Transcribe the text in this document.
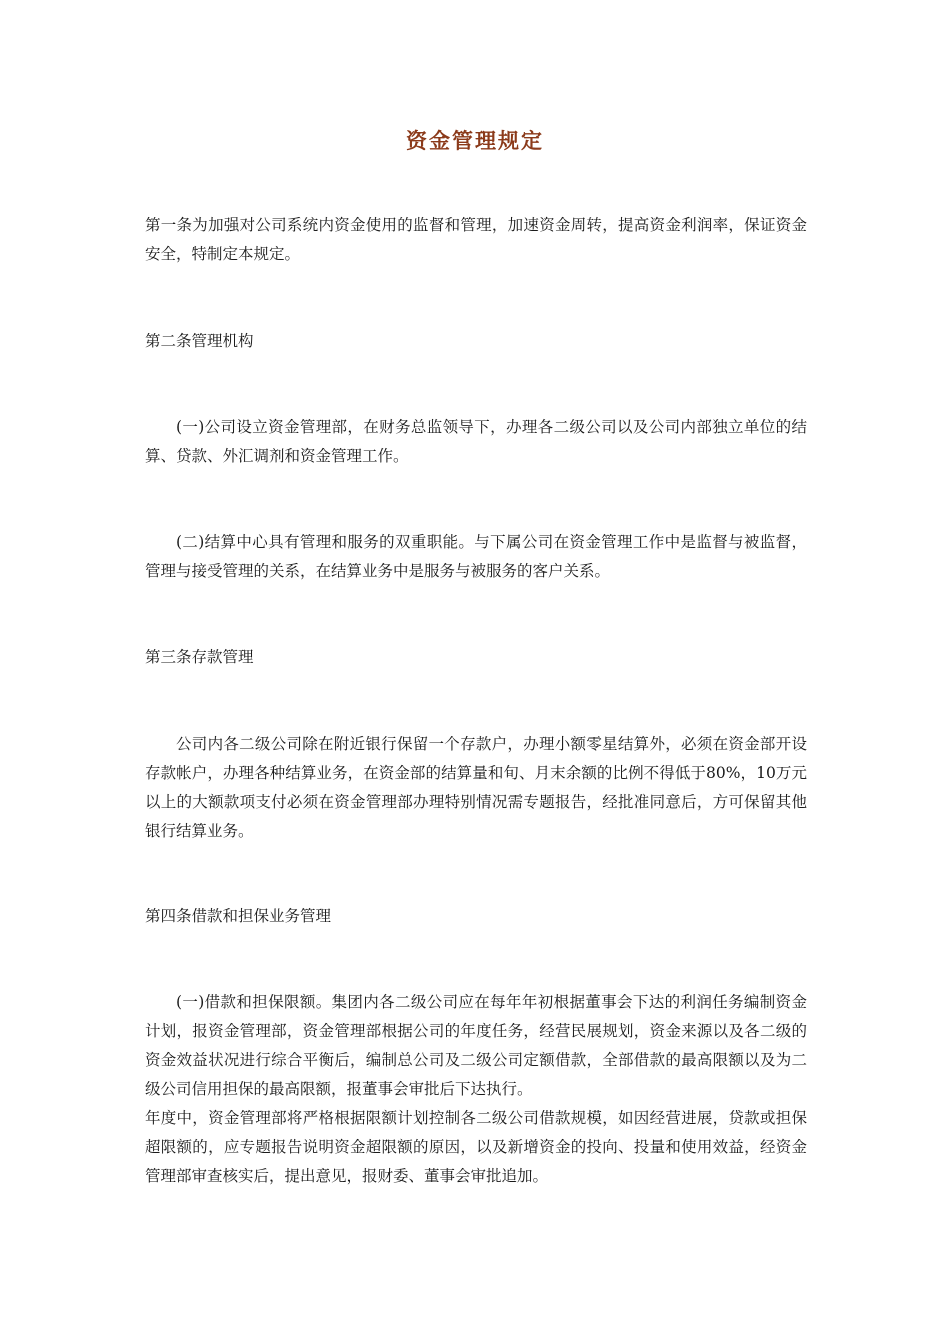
资金管理规定

第一条为加强对公司系统内资金使用的监督和管理，加速资金周转，提高资金利润率，保证资金安全，特制定本规定。

第二条管理机构

(一)公司设立资金管理部，在财务总监领导下，办理各二级公司以及公司内部独立单位的结算、贷款、外汇调剂和资金管理工作。

(二)结算中心具有管理和服务的双重职能。与下属公司在资金管理工作中是监督与被监督，管理与接受管理的关系，在结算业务中是服务与被服务的客户关系。

第三条存款管理

公司内各二级公司除在附近银行保留一个存款户，办理小额零星结算外，必须在资金部开设存款帐户，办理各种结算业务，在资金部的结算量和旬、月末余额的比例不得低于80%，10万元以上的大额款项支付必须在资金管理部办理特别情况需专题报告，经批准同意后，方可保留其他银行结算业务。

第四条借款和担保业务管理

(一)借款和担保限额。集团内各二级公司应在每年年初根据董事会下达的利润任务编制资金计划，报资金管理部，资金管理部根据公司的年度任务，经营民展规划，资金来源以及各二级的资金效益状况进行综合平衡后，编制总公司及二级公司定额借款，全部借款的最高限额以及为二级公司信用担保的最高限额，报董事会审批后下达执行。

年度中，资金管理部将严格根据限额计划控制各二级公司借款规模，如因经营进展，贷款或担保超限额的，应专题报告说明资金超限额的原因，以及新增资金的投向、投量和使用效益，经资金管理部审查核实后，提出意见，报财委、董事会审批追加。
